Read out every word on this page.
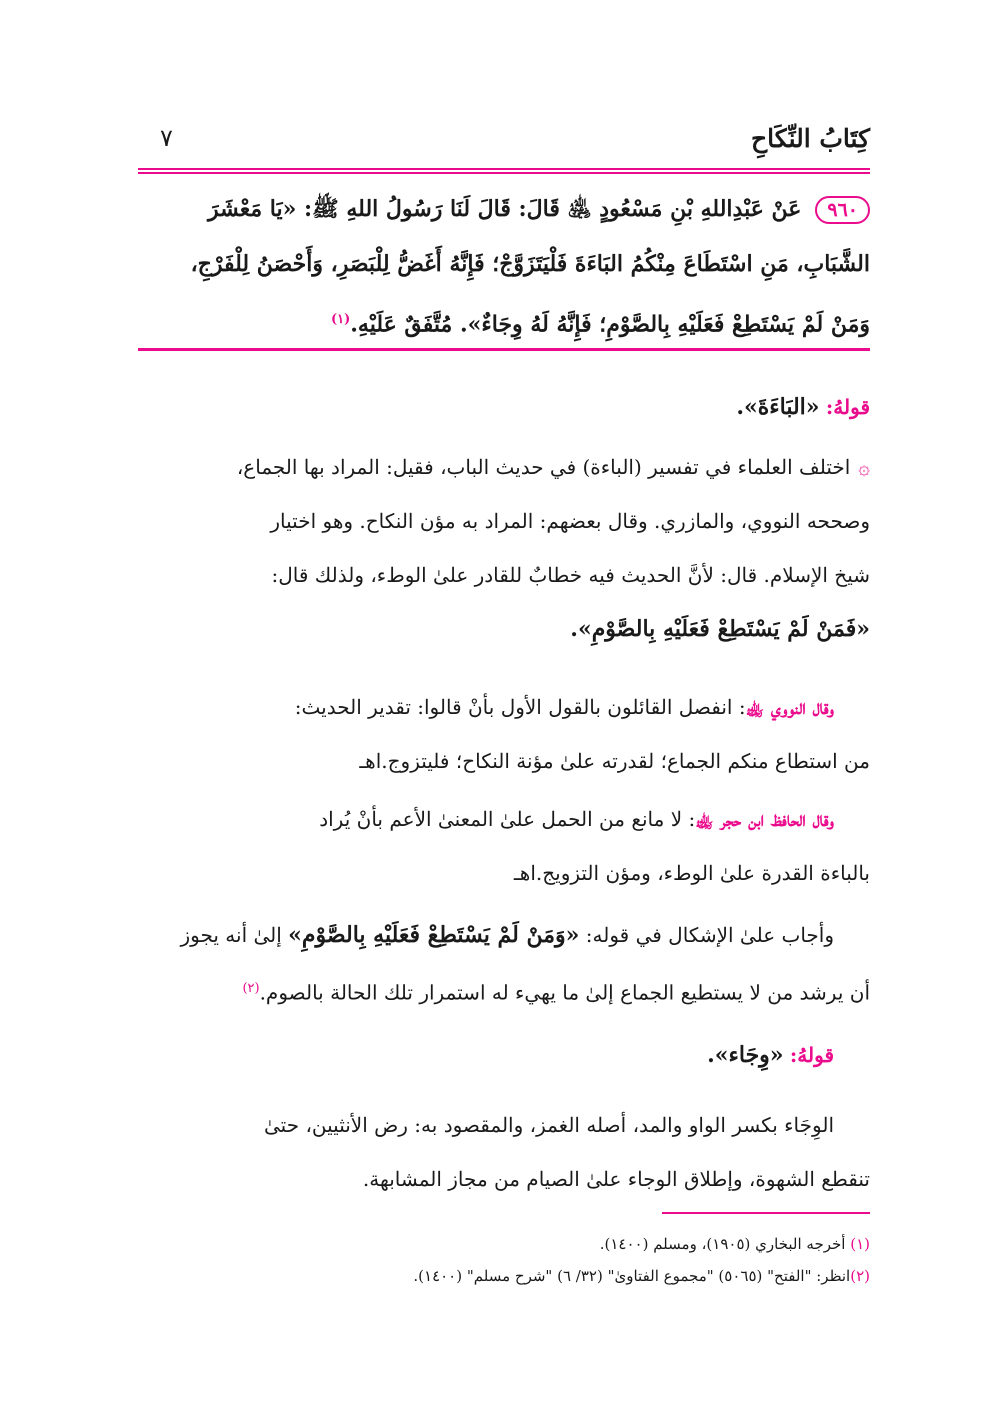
كِتَابُ النِّكَاحِ
٧
٩٦٠عَنْ عَبْدِاللهِ بْنِ مَسْعُودٍ ﵁ قَالَ: قَالَ لَنَا رَسُولُ اللهِ ﷺ: «يَا مَعْشَرَ
الشَّبَابِ، مَنِ اسْتَطَاعَ مِنْكُمُ البَاءَةَ فَلْيَتَزَوَّجْ؛ فَإِنَّهُ أَغَضُّ لِلْبَصَرِ، وَأَحْصَنُ لِلْفَرْجِ،
وَمَنْ لَمْ يَسْتَطِعْ فَعَلَيْهِ بِالصَّوْمِ؛ فَإِنَّهُ لَهُ وِجَاءٌ». مُتَّفَقٌ عَلَيْهِ.$^{(١)}$
قولهُ: «البَاءَةَ».
۞اختلف العلماء في تفسير (الباءة) في حديث الباب، فقيل: المراد بها الجماع،
وصححه النووي، والمازري. وقال بعضهم: المراد به مؤن النكاح. وهو اختيار
شيخ الإسلام. قال: لأنَّ الحديث فيه خطابٌ للقادر علىٰ الوطء، ولذلك قال:
«فَمَنْ لَمْ يَسْتَطِعْ فَعَلَيْهِ بِالصَّوْمِ».
وقال النووي ﵀: انفصل القائلون بالقول الأول بأنْ قالوا: تقدير الحديث:
من استطاع منكم الجماع؛ لقدرته علىٰ مؤنة النكاح؛ فليتزوج.اهـ
وقال الحافظ ابن حجر ﵀: لا مانع من الحمل علىٰ المعنىٰ الأعم بأنْ يُراد
بالباءة القدرة علىٰ الوطء، ومؤن التزويج.اهـ
وأجاب علىٰ الإشكال في قوله: «وَمَنْ لَمْ يَسْتَطِعْ فَعَلَيْهِ بِالصَّوْمِ» إلىٰ أنه يجوز
أن يرشد من لا يستطيع الجماع إلىٰ ما يهيء له استمرار تلك الحالة بالصوم.$^{(٢)}$
قولهُ: «وِجَاء».
الوِجَاء بكسر الواو والمد، أصله الغمز، والمقصود به: رض الأنثيين، حتىٰ
تنقطع الشهوة، وإطلاق الوجاء علىٰ الصيام من مجاز المشابهة.
(١) أخرجه البخاري (١٩٠٥)، ومسلم (١٤٠٠).
(٢)انظر: "الفتح" (٥٠٦٥) "مجموع الفتاوىٰ" (٣٢/ ٦) "شرح مسلم" (١٤٠٠).
